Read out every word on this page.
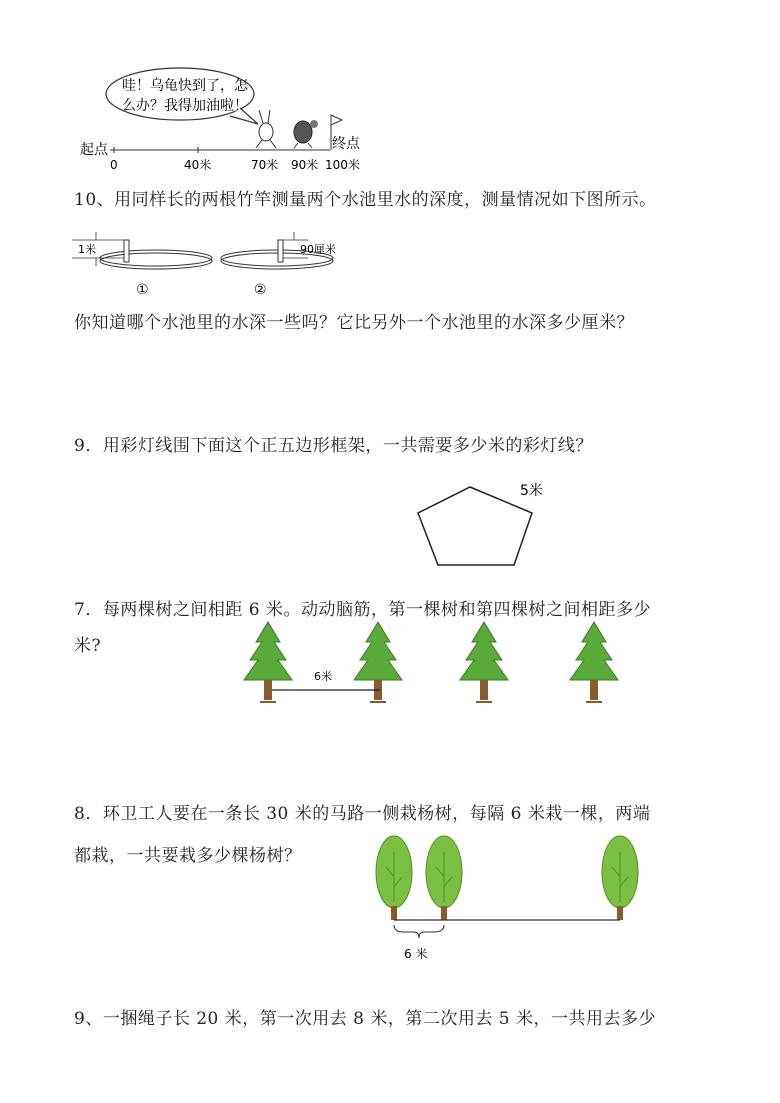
哇！乌龟快到了，怎
么办？我得加油啦！
起点	终点
0	40米	70米 90米 100米
10、用同样长的两根竹竿测量两个水池里水的深度，测量情况如下图所示。
1米
①
90厘米
②
你知道哪个水池里的水深一些吗？它比另外一个水池里的水深多少厘米？
9．用彩灯线围下面这个正五边形框架，一共需要多少米的彩灯线？
5米
7．每两棵树之间相距 6 米。动动脑筋，第一棵树和第四棵树之间相距多少
米?
6米
8．环卫工人要在一条长 30 米的马路一侧栽杨树，每隔 6 米栽一棵，两端
都栽，一共要栽多少棵杨树？
6 米
9、一捆绳子长 20 米，第一次用去 8 米，第二次用去 5 米，一共用去多少
